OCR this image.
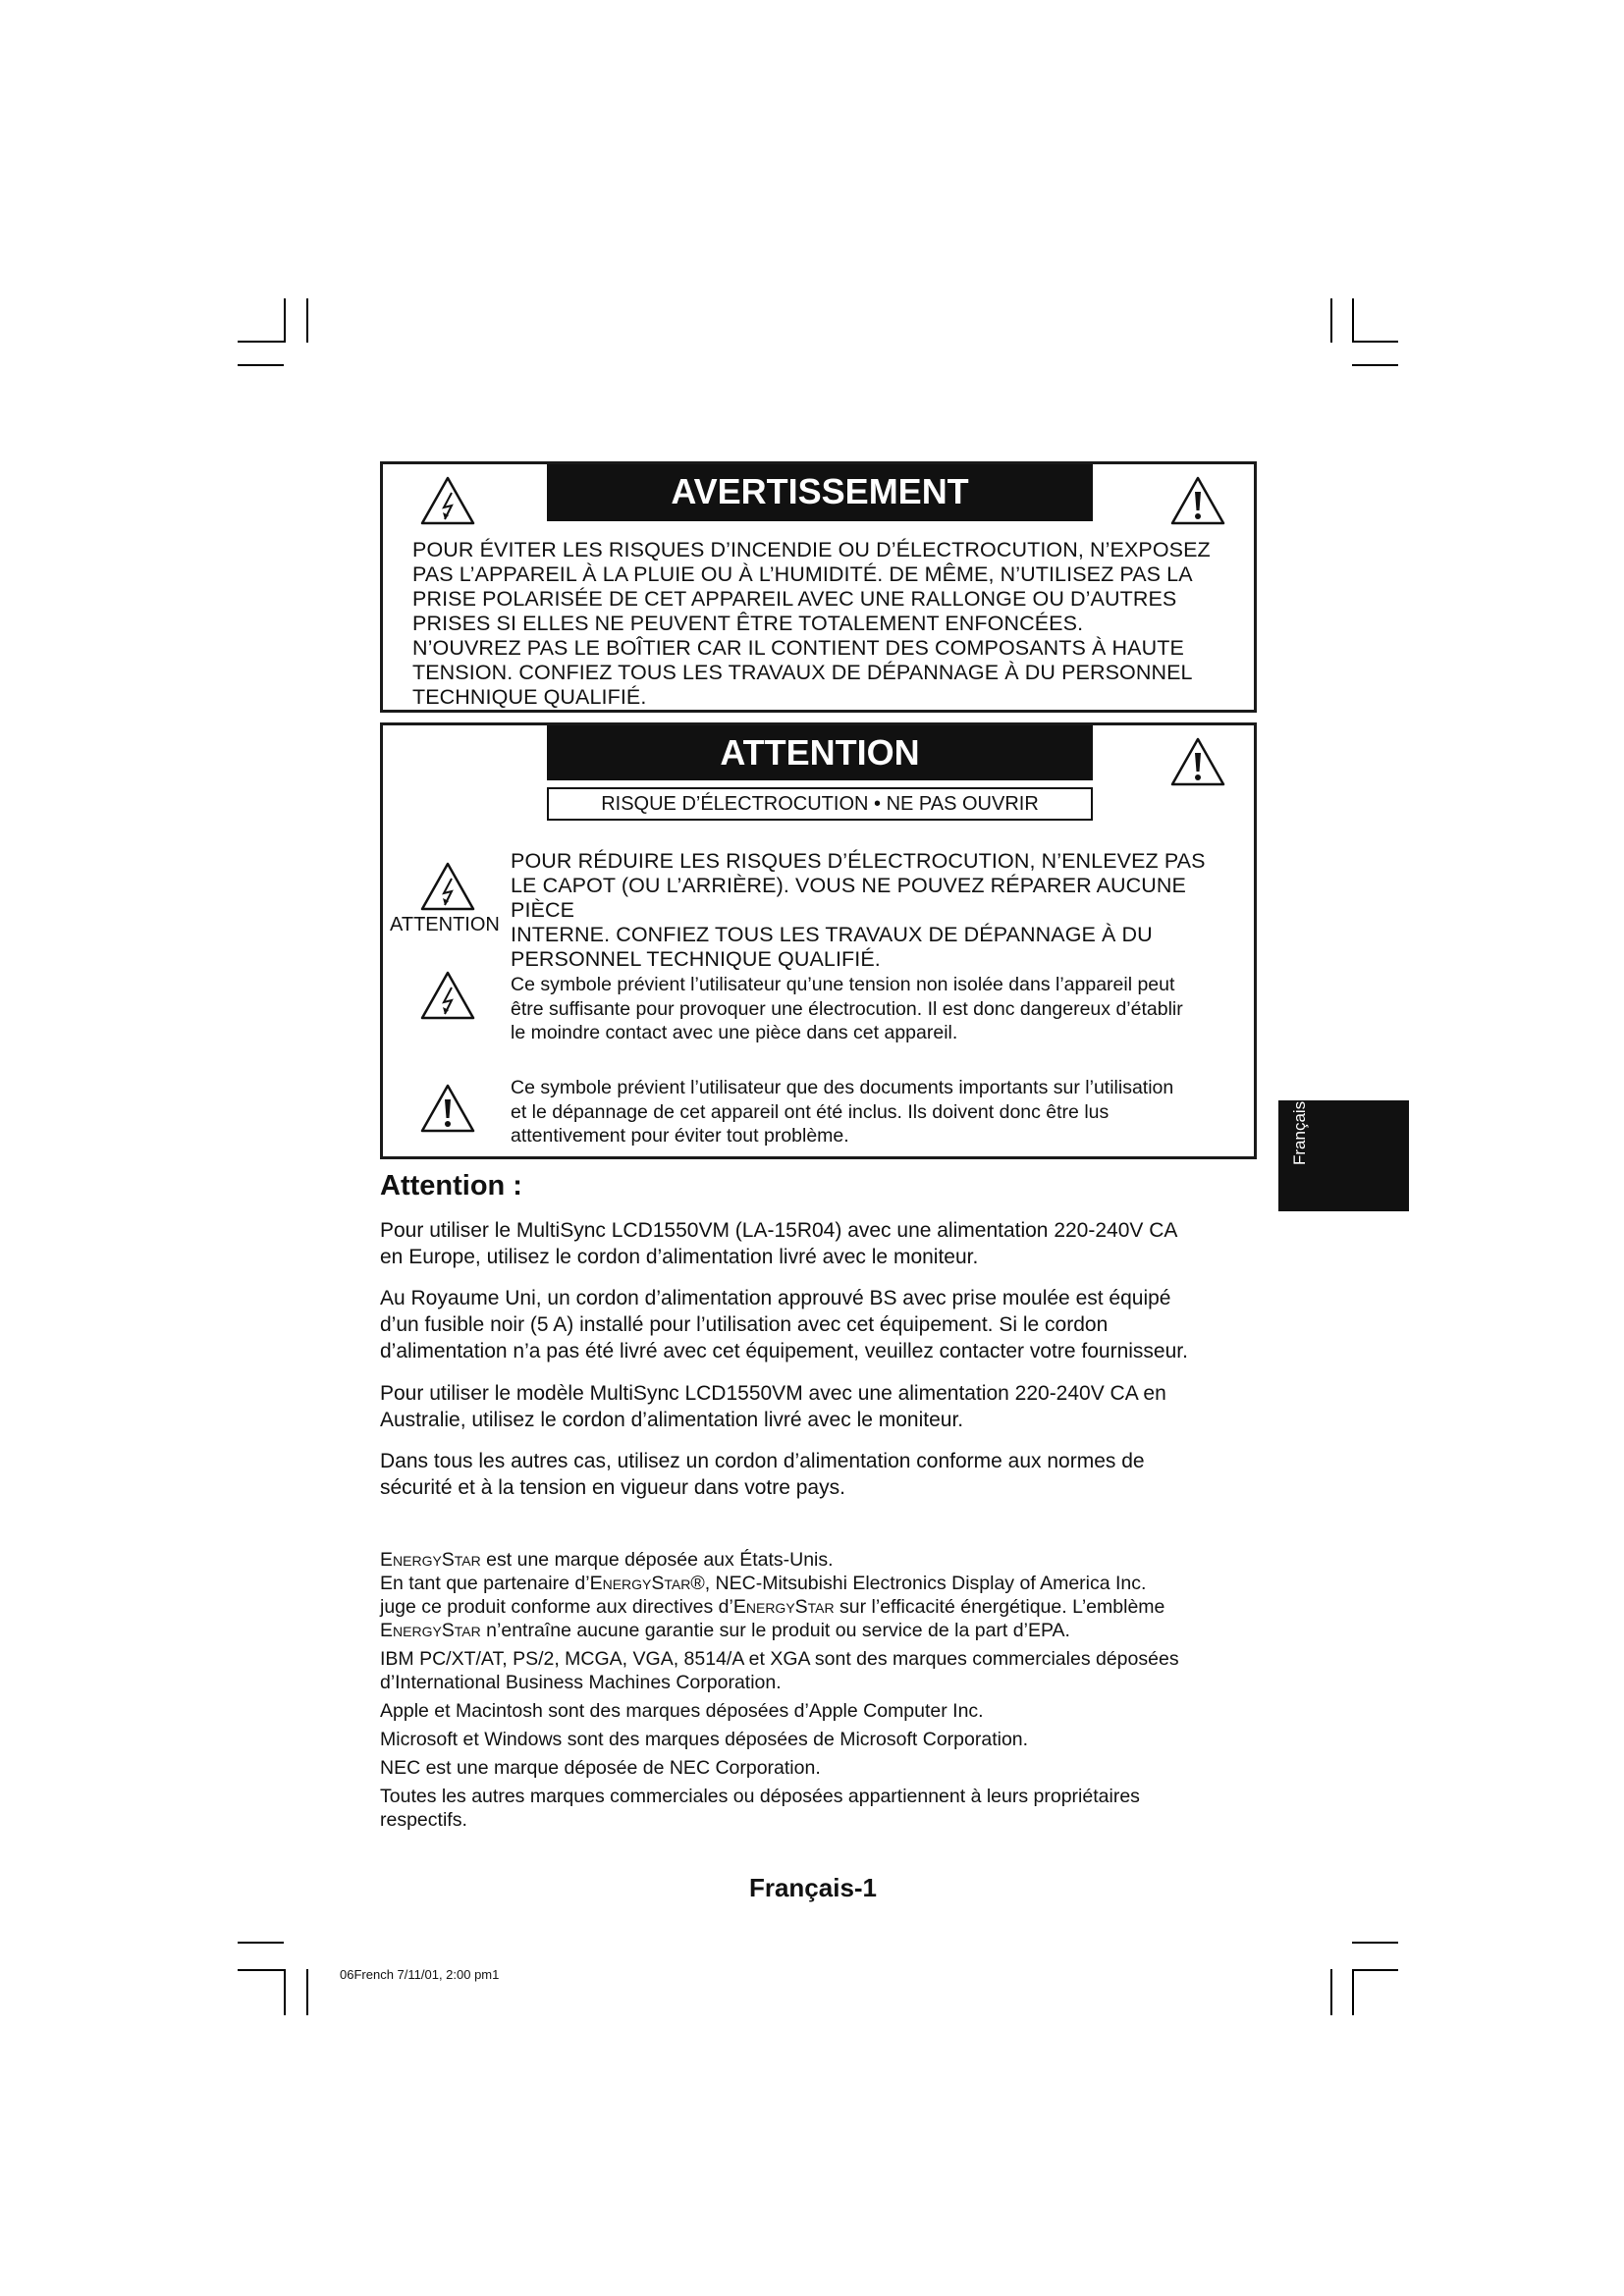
AVERTISSEMENT

POUR ÉVITER LES RISQUES D’INCENDIE OU D’ÉLECTROCUTION, N’EXPOSEZ

PAS L’APPAREIL À LA PLUIE OU À L’HUMIDITÉ. DE MÊME, N’UTILISEZ PAS LA

PRISE POLARISÉE DE CET APPAREIL AVEC UNE RALLONGE OU D’AUTRES

PRISES SI ELLES NE PEUVENT ÊTRE TOTALEMENT ENFONCÉES.

N’OUVREZ PAS LE BOÎTIER CAR IL CONTIENT DES COMPOSANTS À HAUTE

TENSION. CONFIEZ TOUS LES TRAVAUX DE DÉPANNAGE À DU PERSONNEL

TECHNIQUE QUALIFIÉ.

ATTENTION
RISQUE D’ÉLECTROCUTION • NE PAS OUVRIR
ATTENTION

POUR RÉDUIRE LES RISQUES D’ÉLECTROCUTION, N’ENLEVEZ PAS

LE CAPOT (OU L’ARRIÈRE). VOUS NE POUVEZ RÉPARER AUCUNE PIÈCE

INTERNE. CONFIEZ TOUS LES TRAVAUX DE DÉPANNAGE À DU

PERSONNEL TECHNIQUE QUALIFIÉ.

Ce symbole prévient l’utilisateur qu’une tension non isolée dans l’appareil peut

être suffisante pour provoquer une électrocution. Il est donc dangereux d’établir

le moindre contact avec une pièce dans cet appareil.

Ce symbole prévient l’utilisateur que des documents importants sur l’utilisation

et le dépannage de cet appareil ont été inclus. Ils doivent donc être lus

attentivement pour éviter tout problème.	Français
Attention :

Pour utiliser le MultiSync LCD1550VM (LA-15R04) avec une alimentation 220-240V CA

en Europe, utilisez le cordon d’alimentation livré avec le moniteur.

Au Royaume Uni, un cordon d’alimentation approuvé BS avec prise moulée est équipé

d’un fusible noir (5 A) installé pour l’utilisation avec cet équipement. Si le cordon

d’alimentation n’a pas été livré avec cet équipement, veuillez contacter votre fournisseur.

Pour utiliser le modèle MultiSync LCD1550VM avec une alimentation 220-240V CA en

Australie, utilisez le cordon d’alimentation livré avec le moniteur.

Dans tous les autres cas, utilisez un cordon d’alimentation conforme aux normes de

sécurité et à la tension en vigueur dans votre pays.

EnergyStar est une marque déposée aux États-Unis.

En tant que partenaire d’EnergyStar®, NEC-Mitsubishi Electronics Display of America Inc.

juge ce produit conforme aux directives d’EnergyStar sur l’efficacité énergétique. L’emblème

EnergyStar n’entraîne aucune garantie sur le produit ou service de la part d’EPA.

IBM PC/XT/AT, PS/2, MCGA, VGA, 8514/A et XGA sont des marques commerciales déposées

d’International Business Machines Corporation.

Apple et Macintosh sont des marques déposées d’Apple Computer Inc.

Microsoft et Windows sont des marques déposées de Microsoft Corporation.

NEC est une marque déposée de NEC Corporation.

Toutes les autres marques commerciales ou déposées appartiennent à leurs propriétaires

respectifs.

Français-1
06French 7/11/01, 2:00 pm1
